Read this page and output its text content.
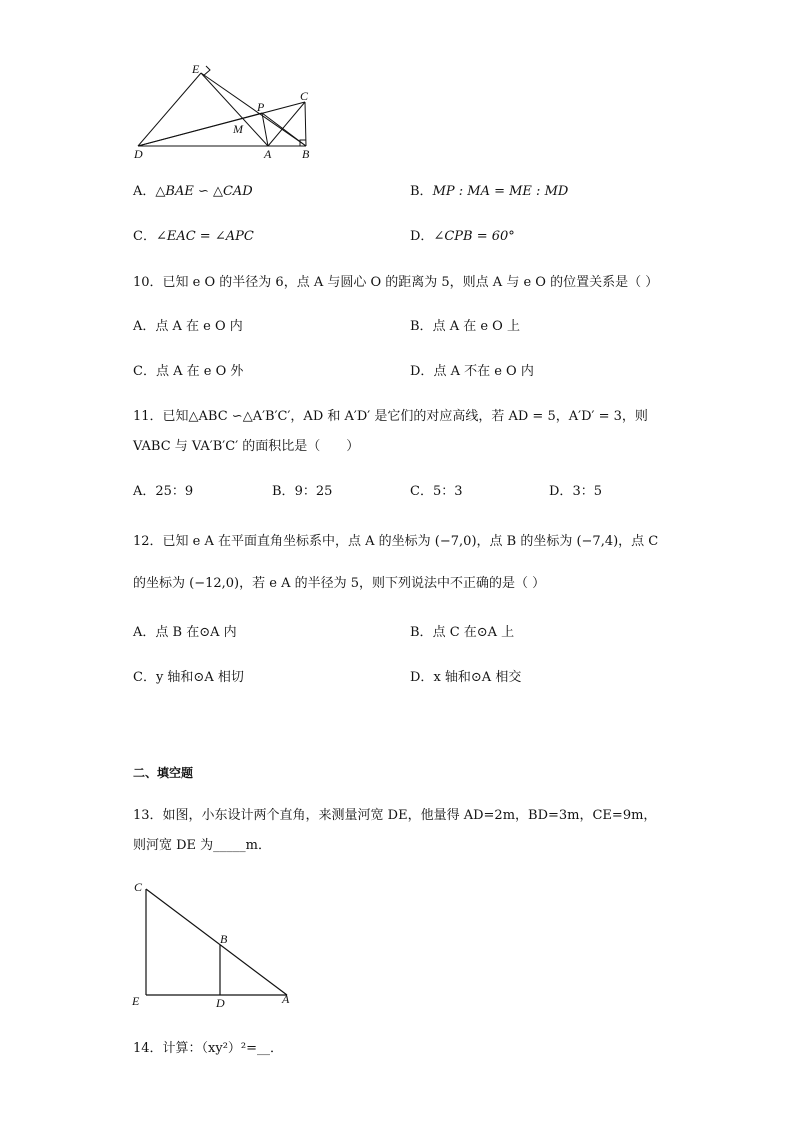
E
P
C
M
D	A	B
A．△BAE ∽ △CAD	B．MP : MA = ME : MD
C．∠EAC = ∠APC	D．∠CPB = 60°
10．已知 e O 的半径为 6，点 A 与圆心 O 的距离为 5，则点 A 与 e O 的位置关系是（ ）
A．点 A 在 e O 内	B．点 A 在 e O 上
C．点 A 在 e O 外	D．点 A 不在 e O 内
11．已知△ABC ∽△A′B′C′，AD 和 A′D′ 是它们的对应高线，若 AD = 5，A′D′ = 3，则
VABC 与 VA′B′C′ 的面积比是（　　）
A．25：9	B．9：25	C．5：3	D．3：5
12．已知 e A 在平面直角坐标系中，点 A 的坐标为 (−7,0)，点 B 的坐标为 (−7,4)，点 C
的坐标为 (−12,0)，若 e A 的半径为 5，则下列说法中不正确的是（ ）
A．点 B 在⊙A 内	B．点 C 在⊙A 上
C．y 轴和⊙A 相切	D．x 轴和⊙A 相交
二、填空题
13．如图，小东设计两个直角，来测量河宽 DE，他量得 AD=2m，BD=3m，CE=9m，
则河宽 DE 为_____m．
C
B
E	D	A
14．计算：（xy²）²=__．
